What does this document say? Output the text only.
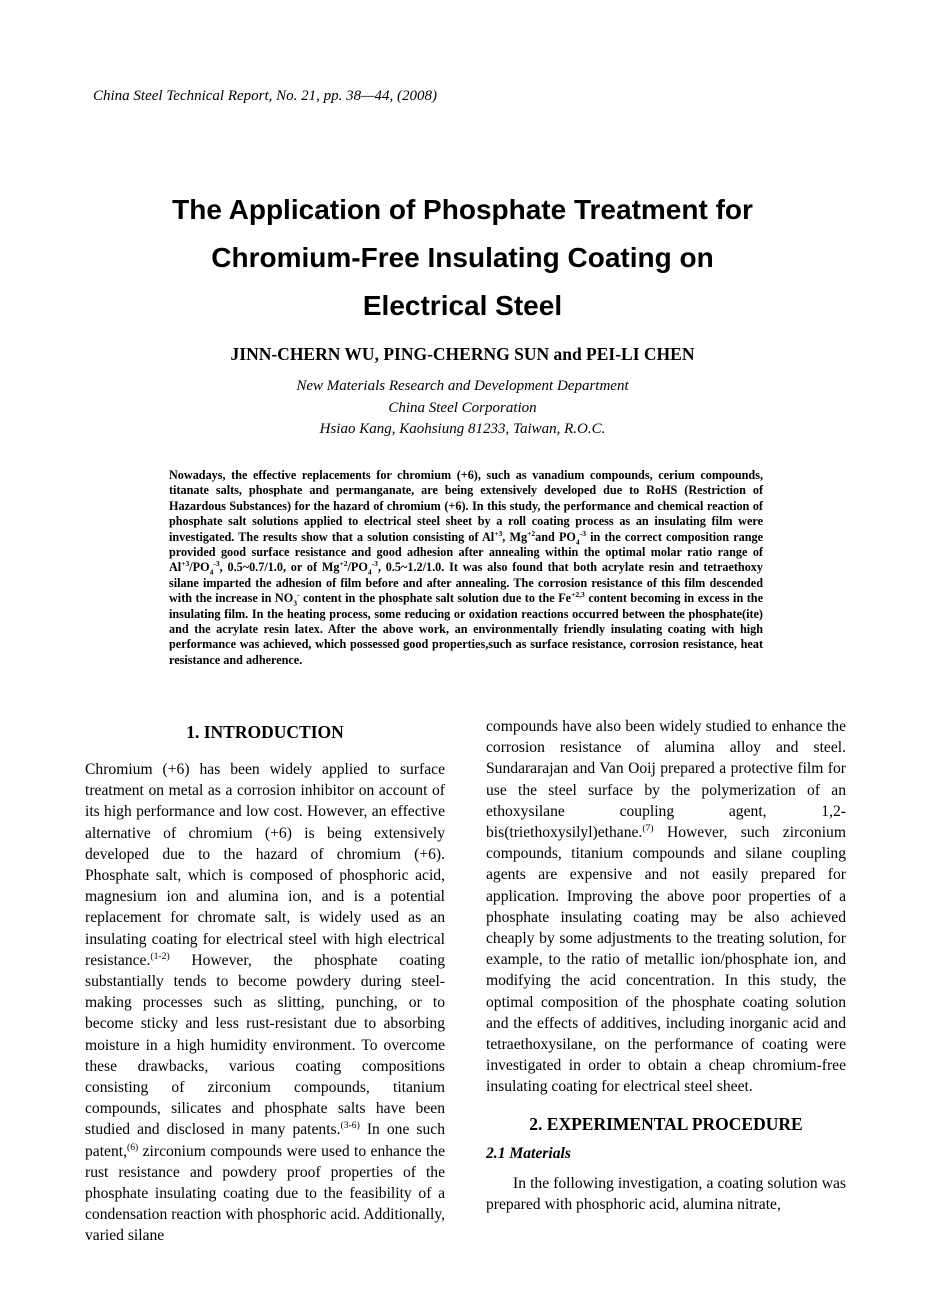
China Steel Technical Report, No. 21, pp. 38—44, (2008)
The Application of Phosphate Treatment for
Chromium-Free Insulating Coating on
Electrical Steel
JINN-CHERN WU, PING-CHERNG SUN and PEI-LI CHEN
New Materials Research and Development Department
China Steel Corporation
Hsiao Kang, Kaohsiung 81233, Taiwan, R.O.C.
Nowadays, the effective replacements for chromium (+6), such as vanadium compounds, cerium compounds, titanate salts, phosphate and permanganate, are being extensively developed due to RoHS (Restriction of Hazardous Substances) for the hazard of chromium (+6). In this study, the performance and chemical reaction of phosphate salt solutions applied to electrical steel sheet by a roll coating process as an insulating film were investigated. The results show that a solution consisting of $Al^{+3}$, $Mg^{+2}and$ $PO_4^{-3}$ in the correct composition range provided good surface resistance and good adhesion after annealing within the optimal molar ratio range of $Al^{+3}/PO_4^{-3}$, 0.5~0.7/1.0, or of $Mg^{+2}/PO_4^{-3}$, 0.5~1.2/1.0. It was also found that both acrylate resin and tetraethoxy silane imparted the adhesion of film before and after annealing. The corrosion resistance of this film descended with the increase in $NO_3^-$ content in the phosphate salt solution due to the $Fe^{+2,3}$ content becoming in excess in the insulating film. In the heating process, some reducing or oxidation reactions occurred between the phosphate(ite) and the acrylate resin latex. After the above work, an environmentally friendly insulating coating with high performance was achieved, which possessed good properties,such as surface resistance, corrosion resistance, heat resistance and adherence.
1. INTRODUCTION

Chromium (+6) has been widely applied to surface treatment on metal as a corrosion inhibitor on account of its high performance and low cost. However, an effective alternative of chromium (+6) is being extensively developed due to the hazard of chromium (+6). Phosphate salt, which is composed of phosphoric acid, magnesium ion and alumina ion, and is a potential replacement for chromate salt, is widely used as an insulating coating for electrical steel with high electrical resistance.$^{(1-2)}$ However, the phosphate coating substantially tends to become powdery during steel-making processes such as slitting, punching, or to become sticky and less rust-resistant due to absorbing moisture in a high humidity environment. To overcome these drawbacks, various coating compositions consisting of zirconium compounds, titanium compounds, silicates and phosphate salts have been studied and disclosed in many patents.$^{(3-6)}$ In one such patent,$^{(6)}$ zirconium compounds were used to enhance the rust resistance and powdery proof properties of the phosphate insulating coating due to the feasibility of a condensation reaction with phosphoric acid. Additionally, varied silane

compounds have also been widely studied to enhance the corrosion resistance of alumina alloy and steel. Sundararajan and Van Ooij prepared a protective film for use the steel surface by the polymerization of an ethoxysilane coupling agent, 1,2-bis(triethoxysilyl)ethane.$^{(7)}$ However, such zirconium compounds, titanium compounds and silane coupling agents are expensive and not easily prepared for application. Improving the above poor properties of a phosphate insulating coating may be also achieved cheaply by some adjustments to the treating solution, for example, to the ratio of metallic ion/phosphate ion, and modifying the acid concentration. In this study, the optimal composition of the phosphate coating solution and the effects of additives, including inorganic acid and tetraethoxysilane, on the performance of coating were investigated in order to obtain a cheap chromium-free insulating coating for electrical steel sheet.

2. EXPERIMENTAL PROCEDURE
2.1 Materials

In the following investigation, a coating solution was prepared with phosphoric acid, alumina nitrate,
